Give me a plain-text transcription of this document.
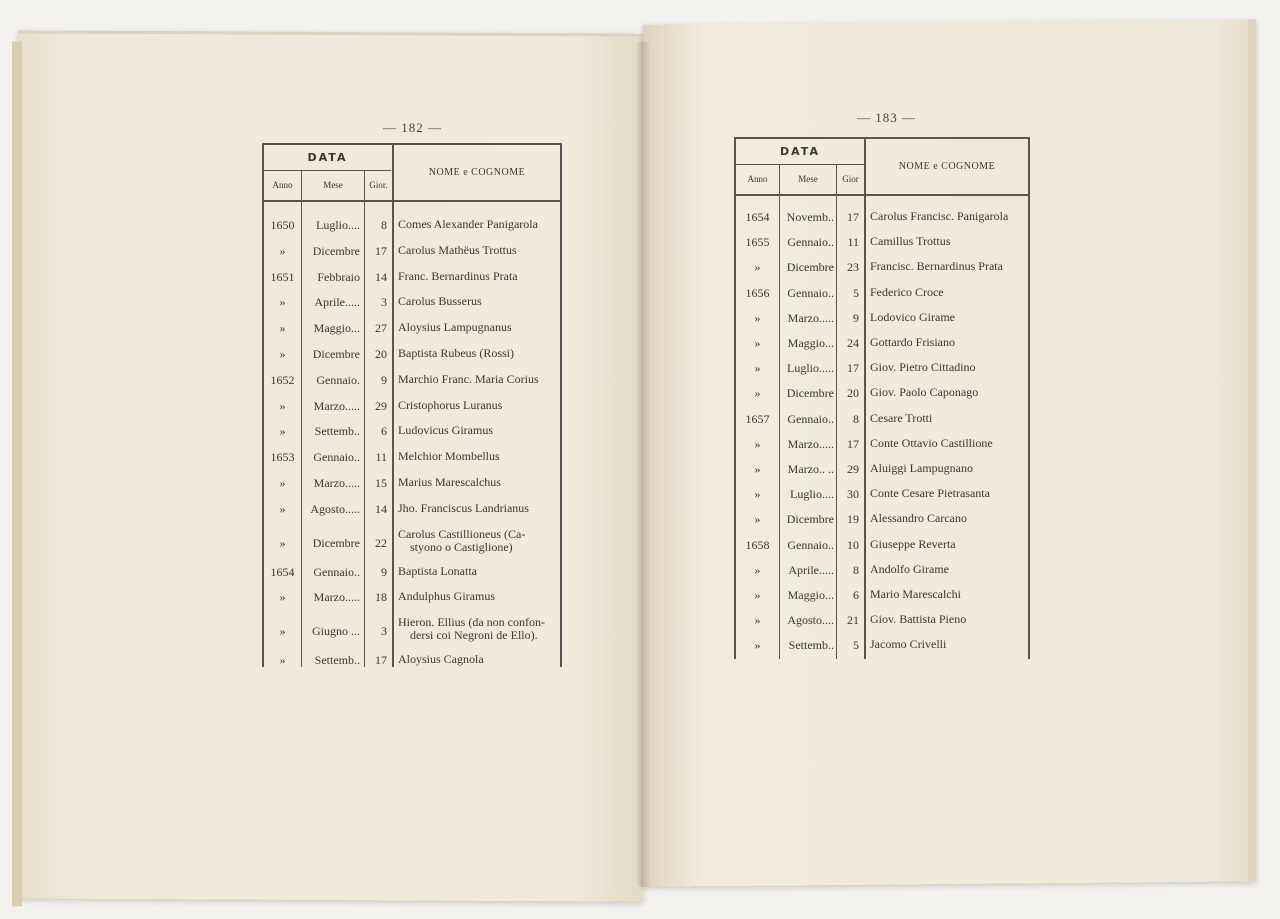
— 182 —
DATA
Anno	Mese	Gior.
NOME e COGNOME
1650	Luglio....	8 Comes Alexander Panigarola
»	Dicembre	17 Carolus Mathëus Trottus
1651	Febbraio	14 Franc. Bernardinus Prata
»	Aprile.....	3 Carolus Busserus
»	Maggio...	27 Aloysius Lampugnanus
»	Dicembre	20 Baptista Rubeus (Rossi)
1652	Gennaio.	9 Marchio Franc. Maria Corius
»	Marzo.....	29 Cristophorus Luranus
»	Settemb..	6 Ludovicus Giramus
1653	Gennaio..	11 Melchior Mombellus
»	Marzo.....	15 Marius Marescalchus
»	Agosto.....	14 Jho. Franciscus Landrianus
»	Dicembre	22
Carolus Castillioneus (Ca-
styono o Castiglione)
1654	Gennaio..	9 Baptista Lonatta
»	Marzo.....	18 Andulphus Giramus
»	Giugno ...	3
Hieron. Ellius (da non confon-
dersi coi Negroni de Ello).
»	Settemb..	17 Aloysius Cagnola
— 183 —
DATA
Anno	Mese	Gior
NOME e COGNOME
1654	Novemb..	17 Carolus Francisc. Panigarola
1655	Gennaio..	11 Camillus Trottus
»	Dicembre	23 Francisc. Bernardinus Prata
1656	Gennaio..	5 Federico Croce
»	Marzo.....	9 Lodovico Girame
»	Maggio...	24 Gottardo Frisiano
»	Luglio.....	17 Giov. Pietro Cittadino
»	Dicembre	20 Giov. Paolo Caponago
1657	Gennaio..	8 Cesare Trotti
»	Marzo.....	17 Conte Ottavio Castillione
»	Marzo.. ..	29 Aluiggi Lampugnano
»	Luglio....	30 Conte Cesare Pietrasanta
»	Dicembre	19 Alessandro Carcano
1658	Gennaio..	10 Giuseppe Reverta
»	Aprile.....	8 Andolfo Girame
»	Maggio...	6 Mario Marescalchi
»	Agosto....	21 Giov. Battista Pieno
»	Settemb..	5 Jacomo Crivelli
